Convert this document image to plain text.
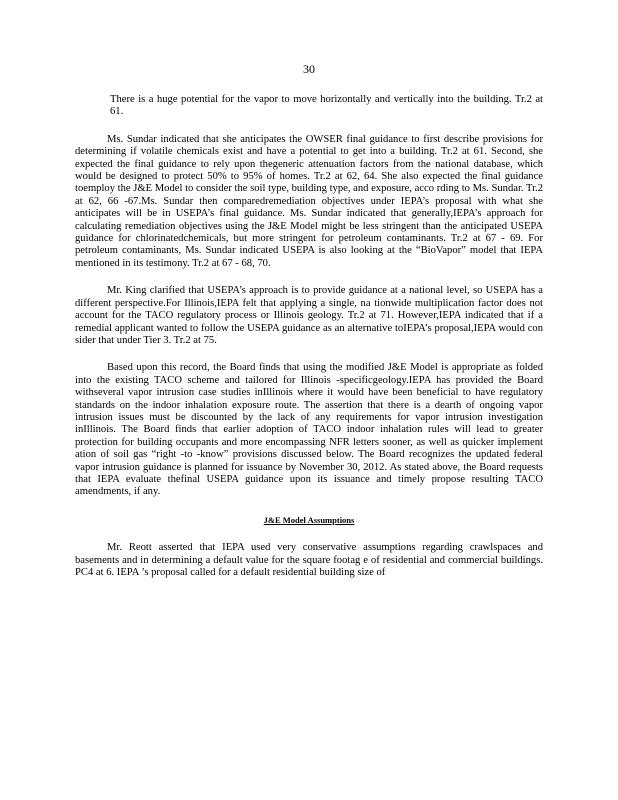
30
There is a huge potential for the vapor to move horizontally and vertically into the building. Tr.2 at 61.

Ms. Sundar indicated that she anticipates the OWSER final guidance to first describe provisions for determining if volatile chemicals exist and have a potential to get into a building. Tr.2 at 61. Second, she expected the final guidance to rely upon thegeneric attenuation factors from the national database, which would be designed to protect 50% to 95% of homes. Tr.2 at 62, 64. She also expected the final guidance toemploy the J&E Model to consider the soil type, building type, and exposure, acco rding to Ms. Sundar. Tr.2 at 62, 66 -67.Ms. Sundar then comparedremediation objectives under IEPA’s proposal with what she anticipates will be in USEPA’s final guidance. Ms. Sundar indicated that generally,IEPA’s approach for calculating remediation objectives using the J&E Model might be less stringent than the anticipated USEPA guidance for chlorinatedchemicals, but more stringent for petroleum contaminants. Tr.2 at 67 - 69. For petroleum contaminants, Ms. Sundar indicated USEPA is also looking at the “BioVapor” model that IEPA mentioned in its testimony. Tr.2 at 67 - 68, 70.

Mr. King clarified that USEPA’s approach is to provide guidance at a national level, so USEPA has a different perspective.For Illinois,IEPA felt that applying a single, na tionwide multiplication factor does not account for the TACO regulatory process or Illinois geology. Tr.2 at 71. However,IEPA indicated that if a remedial applicant wanted to follow the USEPA guidance as an alternative toIEPA’s proposal,IEPA would con sider that under Tier 3. Tr.2 at 75.

Based upon this record, the Board finds that using the modified J&E Model is appropriate as folded into the existing TACO scheme and tailored for Illinois -specificgeology.IEPA has provided the Board withseveral vapor intrusion case studies inIllinois where it would have been beneficial to have regulatory standards on the indoor inhalation exposure route. The assertion that there is a dearth of ongoing vapor intrusion issues must be discounted by the lack of any requirements for vapor intrusion investigation inIllinois. The Board finds that earlier adoption of TACO indoor inhalation rules will lead to greater protection for building occupants and more encompassing NFR letters sooner, as well as quicker implement ation of soil gas “right -to -know” provisions discussed below. The Board recognizes the updated federal vapor intrusion guidance is planned for issuance by November 30, 2012. As stated above, the Board requests that IEPA evaluate thefinal USEPA guidance upon its issuance and timely propose resulting TACO amendments, if any.

J&E Model Assumptions

Mr. Reott asserted that IEPA used very conservative assumptions regarding crawlspaces and basements and in determining a default value for the square footag e of residential and commercial buildings. PC4 at 6. IEPA ’s proposal called for a default residential building size of
